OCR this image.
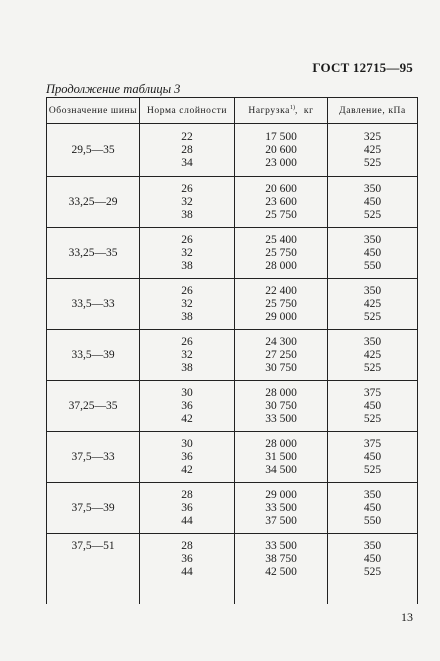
ГОСТ 12715—95
Продолжение таблицы 3
Обозначение шины	Норма слойности	Нагрузка$^{1)}$,  кг	Давление, кПа
29,5—35	22
28
34	17 500
20 600
23 000	325
425
525

33,25—29	26
32
38	20 600
23 600
25 750	350
450
525

33,25—35	26
32
38	25 400
25 750
28 000	350
450
550

33,5—33	26
32
38	22 400
25 750
29 000	350
425
525

33,5—39	26
32
38	24 300
27 250
30 750	350
425
525

37,25—35	30
36
42	28 000
30 750
33 500	375
450
525

37,5—33	30
36
42	28 000
31 500
34 500	375
450
525

37,5—39	28
36
44	29 000
33 500
37 500	350
450
550

37,5—51	28
36
44	33 500
38 750
42 500	350
450
525
13
